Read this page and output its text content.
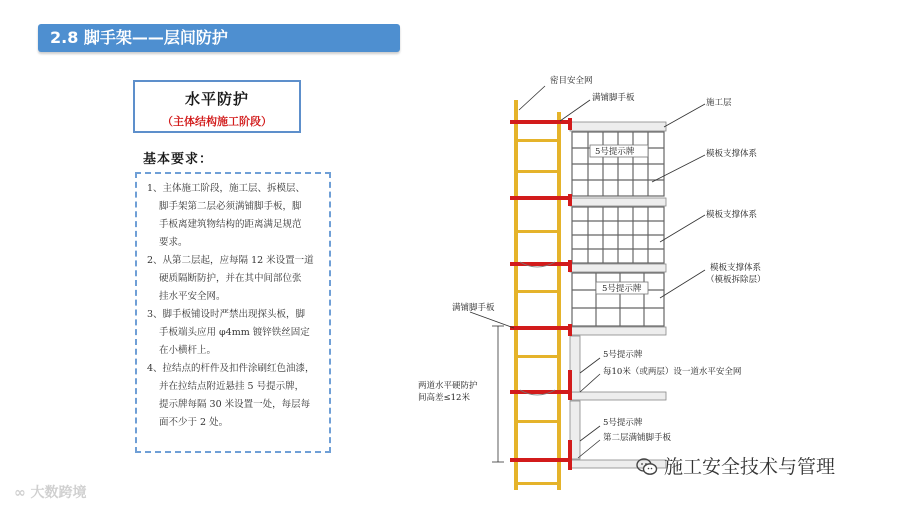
2.8 脚手架——层间防护
水平防护
（主体结构施工阶段）
基本要求：

1、主体施工阶段，施工层、拆模层、

脚手架第二层必须满铺脚手板，脚

手板离建筑物结构的距离满足规范

要求。

2、从第二层起，应每隔 12 米设置一道

硬质隔断防护，并在其中间部位张

挂水平安全网。

3、脚手板铺设时严禁出现探头板，脚

手板端头应用 φ4mm 镀锌铁丝固定

在小横杆上。

4、拉结点的杆件及扣件涂刷红色油漆，

并在拉结点附近悬挂 5 号提示牌，

提示牌每隔 30 米设置一处，每层每

面不少于 2 处。

5号提示牌
5号提示牌
密目安全网
满铺脚手板	施工层
模板支撑体系
模板支撑体系
模板支撑体系
（模板拆除层）
满铺脚手板
5号提示牌
每10米（或两层）设一道水平安全网
两道水平硬防护
间高差≤12米
5号提示牌
第二层满铺脚手板
∞ 大数跨境
施工安全技术与管理
